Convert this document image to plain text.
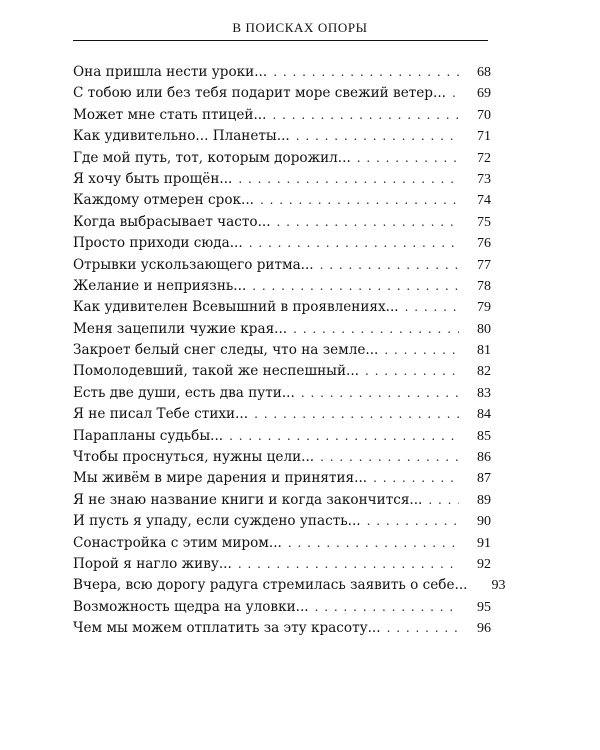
В ПОИСКАХ ОПОРЫ
Она пришла нести уроки... . . .	68
С тобою или без тебя подарит море свежий ветер... . . .	69
Может мне стать птицей... . . .	70
Как удивительно... Планеты... . . .	71
Где мой путь, тот, которым дорожил... . . .	72
Я хочу быть прощён... . . .	73
Каждому отмерен срок... . . .	74
Когда выбрасывает часто... . . .	75
Просто приходи сюда... . . .	76
Отрывки ускользающего ритма... . . .	77
Желание и неприязнь... . . .	78
Как удивителен Всевышний в проявлениях... . . .	79
Меня зацепили чужие края... . . .	80
Закроет белый снег следы, что на земле... . . .	81
Помолодевший, такой же неспешный... . . .	82
Есть две души, есть два пути... . . .	83
Я не писал Тебе стихи... . . .	84
Парапланы судьбы... . . .	85
Чтобы проснуться, нужны цели... . . .	86
Мы живём в мире дарения и принятия... . . .	87
Я не знаю название книги и когда закончится... . . .	89
И пусть я упаду, если суждено упасть... . . .	90
Сонастройка с этим миром... . . .	91
Порой я нагло живу... . . .	92
Вчера, всю дорогу радуга стремилась заявить о себе...	93
Возможность щедра на уловки... . . .	95
Чем мы можем отплатить за эту красоту... . . .	96
